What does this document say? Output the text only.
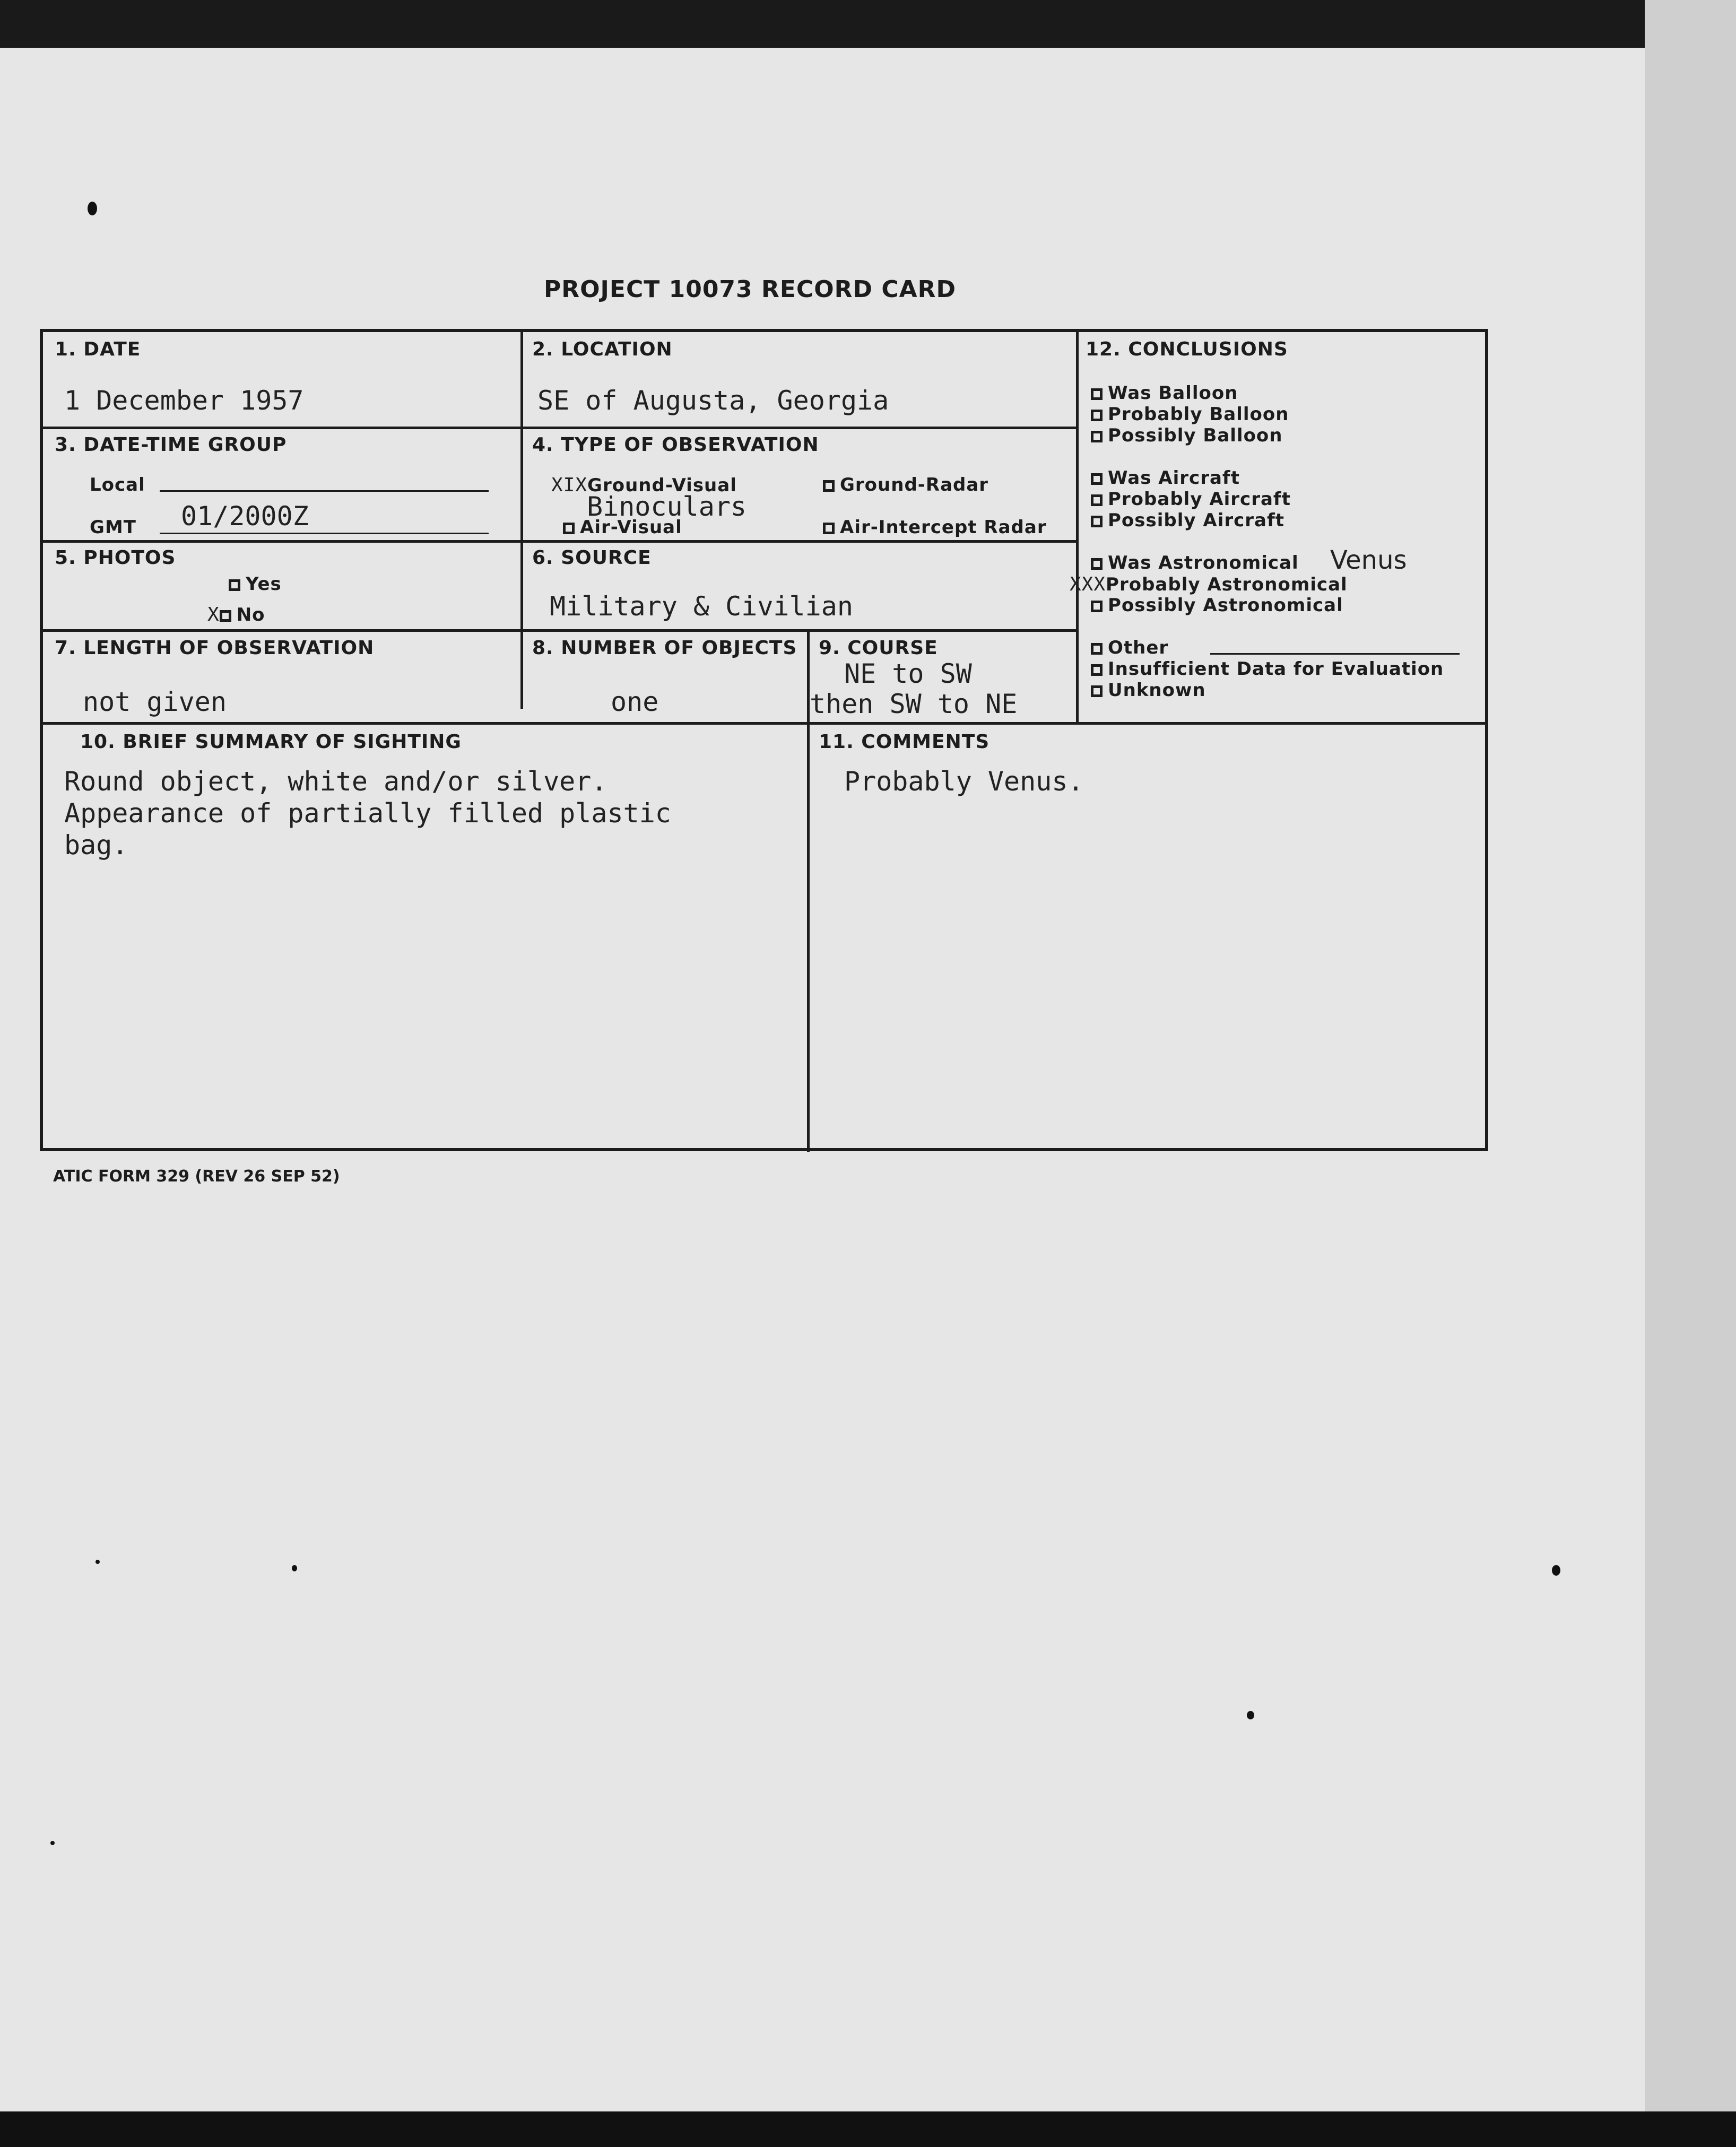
PROJECT 10073 RECORD CARD
1. DATE
1 December 1957
2. LOCATION
SE of Augusta, Georgia
3. DATE-TIME GROUP
Local
GMT 01/2000Z
4. TYPE OF OBSERVATION
XIXGround-Visual
Binoculars
Air-Visual
Ground-Radar
Air-Intercept Radar
5. PHOTOS
Yes
X No
6. SOURCE
Military & Civilian
7. LENGTH OF OBSERVATION
not given
8. NUMBER OF OBJECTS
one
9. COURSE
NE to SW
then SW to NE
10. BRIEF SUMMARY OF SIGHTING
Round object, white and/or silver.
Appearance of partially filled plastic
bag.
11. COMMENTS
Probably Venus.
12. CONCLUSIONS
Was Balloon
Probably Balloon
Possibly Balloon
Was Aircraft
Probably Aircraft
Possibly Aircraft
Was Astronomical Venus
XXXProbably Astronomical
Possibly Astronomical
Other
Insufficient Data for Evaluation
Unknown
ATIC FORM 329 (REV 26 SEP 52)
